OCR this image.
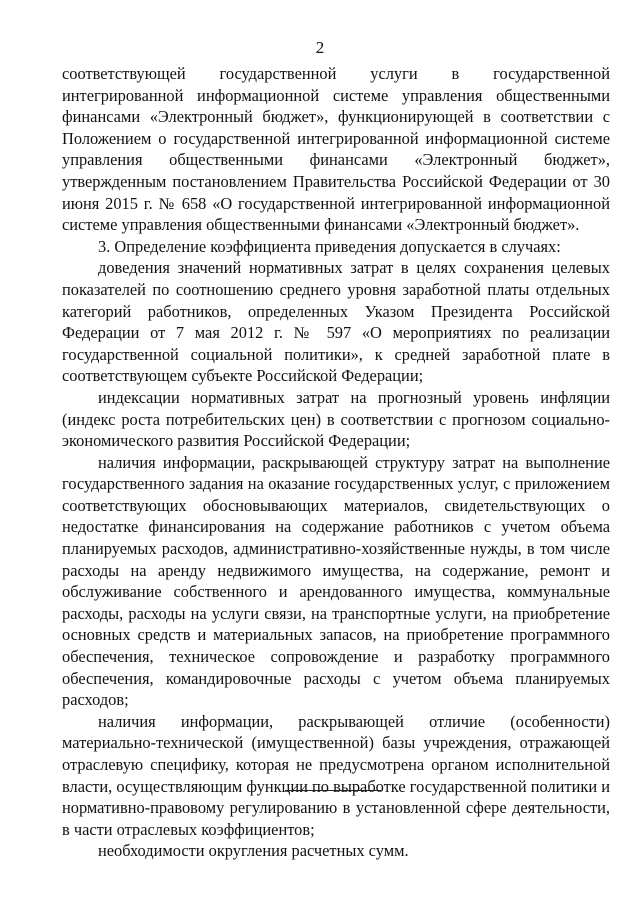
2

соответствующей государственной услуги в государственной интегрированной информационной системе управления общественными финансами «Электронный бюджет», функционирующей в соответствии с Положением о государственной интегрированной информационной системе управления общественными финансами «Электронный бюджет», утвержденным постановлением Правительства Российской Федерации от 30 июня 2015 г. № 658 «О государственной интегрированной информационной системе управления общественными финансами «Электронный бюджет».

3. Определение коэффициента приведения допускается в случаях:

доведения значений нормативных затрат в целях сохранения целевых показателей по соотношению среднего уровня заработной платы отдельных категорий работников, определенных Указом Президента Российской Федерации от 7 мая 2012 г. № 597 «О мероприятиях по реализации государственной социальной политики», к средней заработной плате в соответствующем субъекте Российской Федерации;

индексации нормативных затрат на прогнозный уровень инфляции (индекс роста потребительских цен) в соответствии с прогнозом социально-экономического развития Российской Федерации;

наличия информации, раскрывающей структуру затрат на выполнение государственного задания на оказание государственных услуг, с приложением соответствующих обосновывающих материалов, свидетельствующих о недостатке финансирования на содержание работников с учетом объема планируемых расходов, административно-хозяйственные нужды, в том числе расходы на аренду недвижимого имущества, на содержание, ремонт и обслуживание собственного и арендованного имущества, коммунальные расходы, расходы на услуги связи, на транспортные услуги, на приобретение основных средств и материальных запасов, на приобретение программного обеспечения, техническое сопровождение и разработку программного обеспечения, командировочные расходы с учетом объема планируемых расходов;

наличия информации, раскрывающей отличие (особенности) материально-технической (имущественной) базы учреждения, отражающей отраслевую специфику, которая не предусмотрена органом исполнительной власти, осуществляющим функции по выработке государственной политики и нормативно-правовому регулированию в установленной сфере деятельности, в части отраслевых коэффициентов;

необходимости округления расчетных сумм.
